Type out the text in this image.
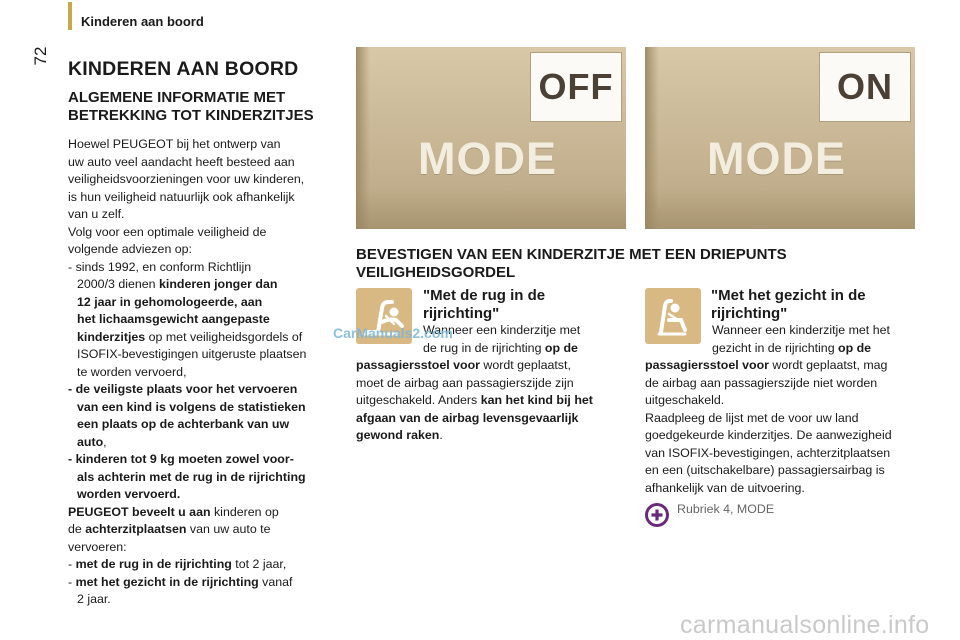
Kinderen aan boord
72
KINDEREN AAN BOORD
ALGEMENE INFORMATIE MET
BETREKKING TOT KINDERZITJES
Hoewel PEUGEOT bij het ontwerp van
uw auto veel aandacht heeft besteed aan
veiligheidsvoorzieningen voor uw kinderen,
is hun veiligheid natuurlijk ook afhankelijk
van u zelf.
Volg voor een optimale veiligheid de
volgende adviezen op:
- sinds 1992, en conform Richtlijn
2000/3 dienen kinderen jonger dan
12 jaar in gehomologeerde, aan
het lichaamsgewicht aangepaste
kinderzitjes op met veiligheidsgordels of
ISOFIX-bevestigingen uitgeruste plaatsen
te worden vervoerd,
- de veiligste plaats voor het vervoeren
van een kind is volgens de statistieken
een plaats op de achterbank van uw
auto,
- kinderen tot 9 kg moeten zowel voor-
als achterin met de rug in de rijrichting
worden vervoerd.
PEUGEOT beveelt u aan kinderen op
de achterzitplaatsen van uw auto te
vervoeren:
- met de rug in de rijrichting tot 2 jaar,
- met het gezicht in de rijrichting vanaf
2 jaar.
OFF
MODE
ON
MODE
BEVESTIGEN VAN EEN KINDERZITJE MET EEN DRIEPUNTS
VEILIGHEIDSGORDEL
"Met de rug in de
rijrichting"
Wanneer een kinderzitje met
de rug in de rijrichting op de
passagiersstoel voor wordt geplaatst,
moet de airbag aan passagierszijde zijn
uitgeschakeld. Anders kan het kind bij het
afgaan van de airbag levensgevaarlijk
gewond raken.
"Met het gezicht in de
rijrichting"
Wanneer een kinderzitje met het
gezicht in de rijrichting op de
passagiersstoel voor wordt geplaatst, mag
de airbag aan passagierszijde niet worden
uitgeschakeld.
Raadpleeg de lijst met de voor uw land
goedgekeurde kinderzitjes. De aanwezigheid
van ISOFIX-bevestigingen, achterzitplaatsen
en een (uitschakelbare) passagiersairbag is
afhankelijk van de uitvoering.
Rubriek 4, MODE
CarManuals2.com
carmanualsonline.info
